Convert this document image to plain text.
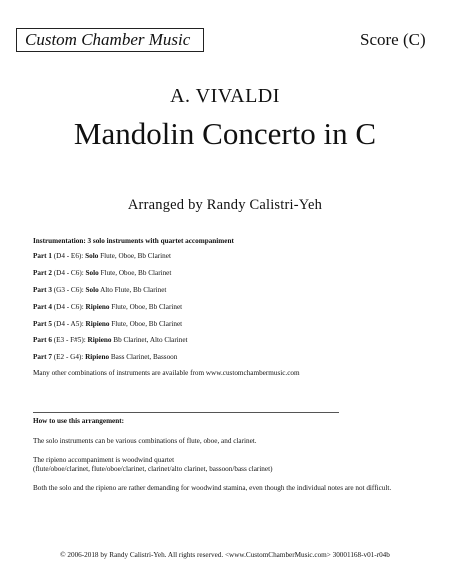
Custom Chamber Music	Score (C)
A. VIVALDI
Mandolin Concerto in C
Arranged by Randy Calistri-Yeh
Instrumentation: 3 solo instruments with quartet accompaniment
Part 1 (D4 - E6): Solo Flute, Oboe, Bb Clarinet
Part 2 (D4 - C6): Solo Flute, Oboe, Bb Clarinet
Part 3 (G3 - C6): Solo Alto Flute, Bb Clarinet
Part 4 (D4 - C6): Ripieno Flute, Oboe, Bb Clarinet
Part 5 (D4 - A5): Ripieno Flute, Oboe, Bb Clarinet
Part 6 (E3 - F#5): Ripieno Bb Clarinet, Alto Clarinet
Part 7 (E2 - G4): Ripieno Bass Clarinet, Bassoon
Many other combinations of instruments are available from www.customchambermusic.com
How to use this arrangement:
The solo instruments can be various combinations of flute, oboe, and clarinet.
The ripieno accompaniment is woodwind quartet
(flute/oboe/clarinet, flute/oboe/clarinet, clarinet/alto clarinet, bassoon/bass clarinet)
Both the solo and the ripieno are rather demanding for woodwind stamina, even though the individual notes are not difficult.
© 2006-2018 by Randy Calistri-Yeh. All rights reserved. <www.CustomChamberMusic.com> 30001168-v01-r04b
